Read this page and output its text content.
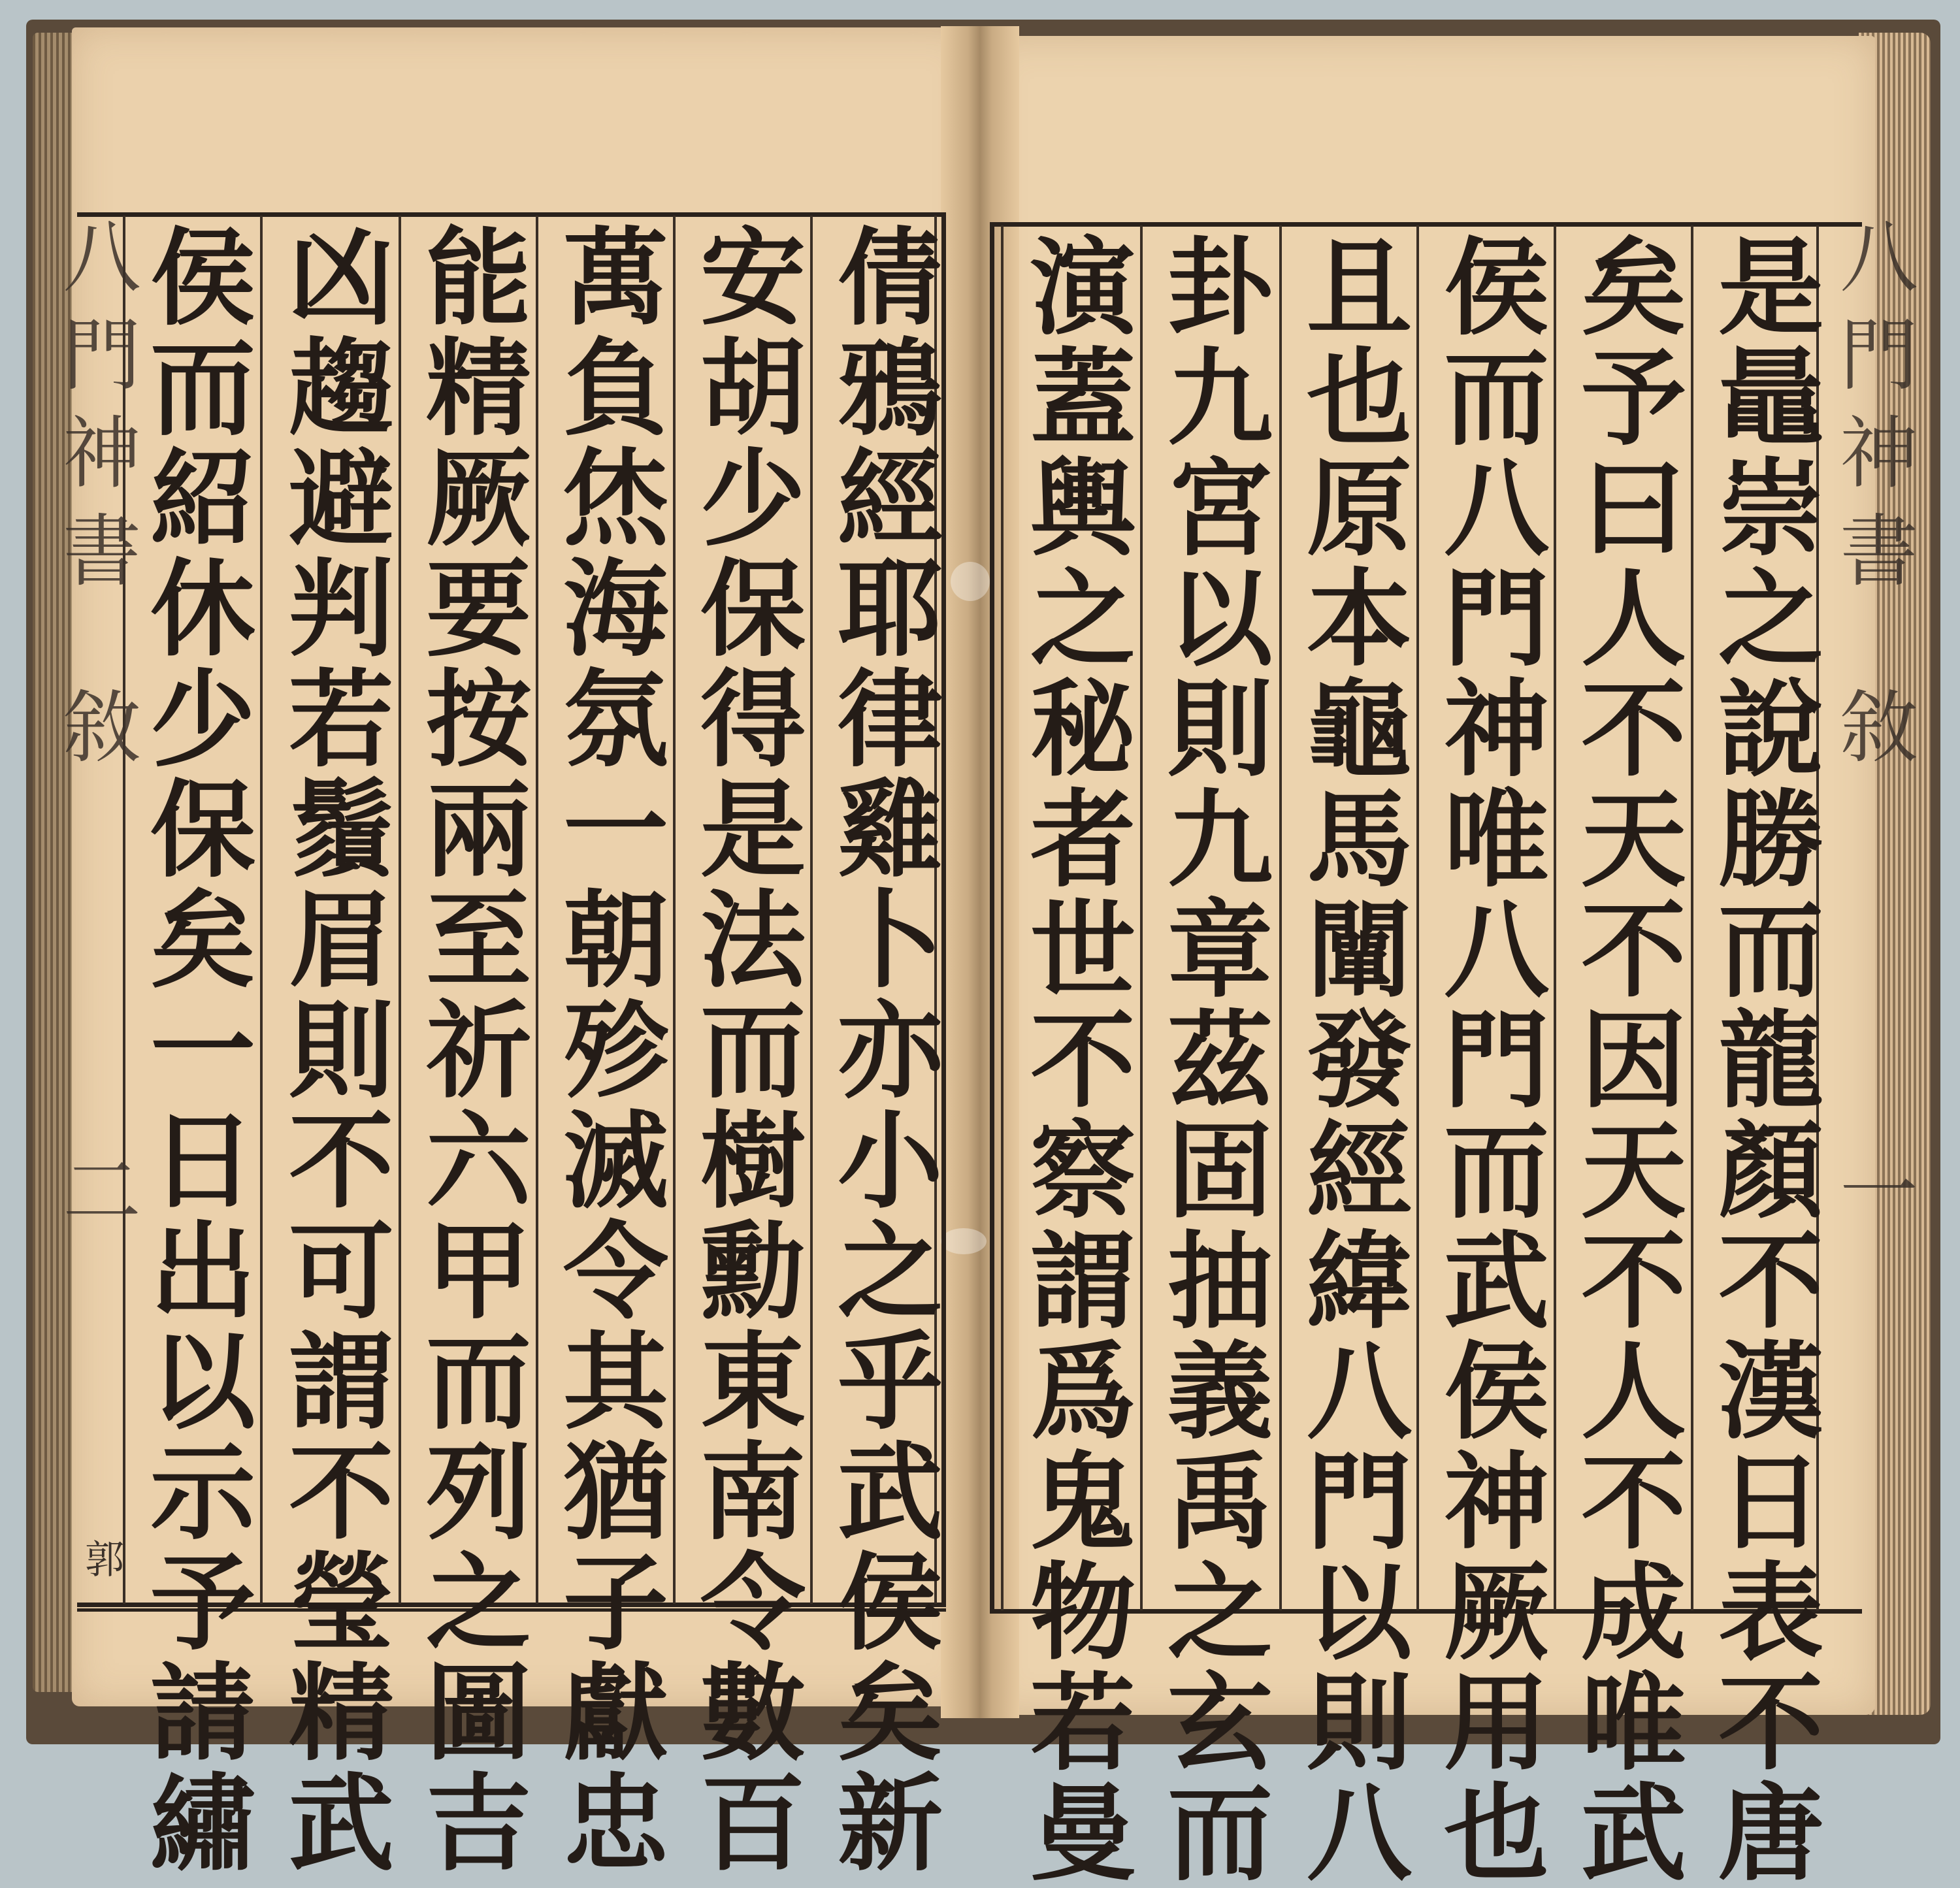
八門神書
敘
二
郭	倩鴉經耶律雞卜亦小之乎武侯矣新
安胡少保得是法而樹勳東南令數百
萬負烋海氛一朝殄滅令其猶子獻忠
能精厥要按兩至祈六甲而列之圖吉
凶趨避判若鬚眉則不可謂不瑩精武
侯而紹休少保矣一日出以示予請繡	八門神書
敘
一
是鼂崇之說勝而龍顏不漢日表不唐
矣予曰人不天不因天不人不成唯武
侯而八門神唯八門而武侯神厥用也
且也原本龜馬闡發經緯八門以則八
卦九宮以則九章茲固抽義禹之玄而
演蓋輿之秘者世不察謂爲鬼物若曼
